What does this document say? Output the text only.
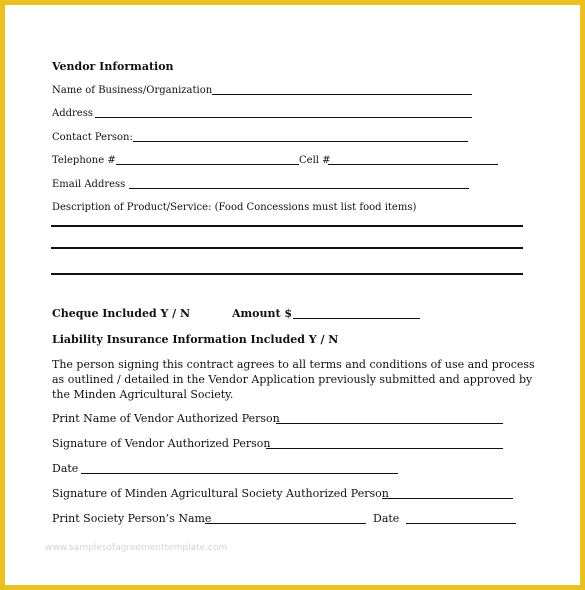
Vendor Information
Name of Business/Organization
Address
Contact Person:
Telephone #	Cell #
Email Address
Description of Product/Service: (Food Concessions must list food items)
Cheque Included Y / N	Amount $
Liability Insurance Information Included Y / N
The person signing this contract agrees to all terms and conditions of use and process
as outlined / detailed in the Vendor Application previously submitted and approved by
the Minden Agricultural Society.
Print Name of Vendor Authorized Person
Signature of Vendor Authorized Person
Date
Signature of Minden Agricultural Society Authorized Person
Print Society Person’s Name	Date
www.samplesofagreementtemplate.com
